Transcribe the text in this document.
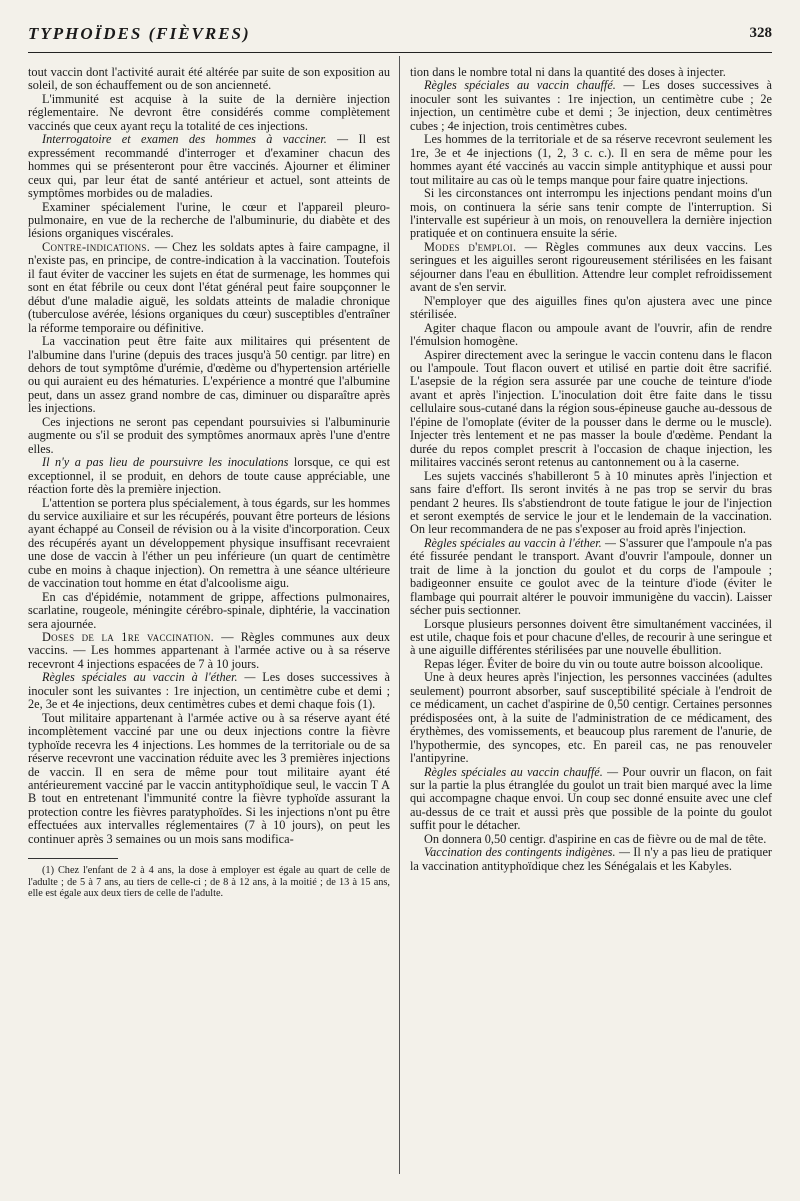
TYPHOÏDES (FIÈVRES)	328

tout vaccin dont l'activité aurait été altérée par suite de son exposition au soleil, de son échauffement ou de son ancienneté.

L'immunité est acquise à la suite de la dernière injection réglementaire. Ne devront être considérés comme complètement vaccinés que ceux ayant reçu la totalité de ces injections.

Interrogatoire et examen des hommes à vacciner. — Il est expressément recommandé d'interroger et d'examiner chacun des hommes qui se présenteront pour être vaccinés. Ajourner et éliminer ceux qui, par leur état de santé antérieur et actuel, sont atteints de symptômes morbides ou de maladies.

Examiner spécialement l'urine, le cœur et l'appareil pleuro-pulmonaire, en vue de la recherche de l'albuminurie, du diabète et des lésions organiques viscérales.

Contre-indications. — Chez les soldats aptes à faire campagne, il n'existe pas, en principe, de contre-indication à la vaccination. Toutefois il faut éviter de vacciner les sujets en état de surmenage, les hommes qui sont en état fébrile ou ceux dont l'état général peut faire soupçonner le début d'une maladie aiguë, les soldats atteints de maladie chronique (tuberculose avérée, lésions organiques du cœur) susceptibles d'entraîner la réforme temporaire ou définitive.

La vaccination peut être faite aux militaires qui présentent de l'albumine dans l'urine (depuis des traces jusqu'à 50 centigr. par litre) en dehors de tout symptôme d'urémie, d'œdème ou d'hypertension artérielle ou qui auraient eu des hématuries. L'expérience a montré que l'albumine peut, dans un assez grand nombre de cas, diminuer ou disparaître après les injections.

Ces injections ne seront pas cependant poursuivies si l'albuminurie augmente ou s'il se produit des symptômes anormaux après l'une d'entre elles.

Il n'y a pas lieu de poursuivre les inoculations lorsque, ce qui est exceptionnel, il se produit, en dehors de toute cause appréciable, une réaction forte dès la première injection.

L'attention se portera plus spécialement, à tous égards, sur les hommes du service auxiliaire et sur les récupérés, pouvant être porteurs de lésions ayant échappé au Conseil de révision ou à la visite d'incorporation. Ceux des récupérés ayant un développement physique insuffisant recevraient une dose de vaccin à l'éther un peu inférieure (un quart de centimètre cube en moins à chaque injection). On remettra à une séance ultérieure de vaccination tout homme en état d'alcoolisme aigu.

En cas d'épidémie, notamment de grippe, affections pulmonaires, scarlatine, rougeole, méningite cérébro-spinale, diphtérie, la vaccination sera ajournée.

Doses de la 1re vaccination. — Règles communes aux deux vaccins. — Les hommes appartenant à l'armée active ou à sa réserve recevront 4 injections espacées de 7 à 10 jours.

Règles spéciales au vaccin à l'éther. — Les doses successives à inoculer sont les suivantes : 1re injection, un centimètre cube et demi ; 2e, 3e et 4e injections, deux centimètres cubes et demi chaque fois (1).

Tout militaire appartenant à l'armée active ou à sa réserve ayant été incomplètement vacciné par une ou deux injections contre la fièvre typhoïde recevra les 4 injections. Les hommes de la territoriale ou de sa réserve recevront une vaccination réduite avec les 3 premières injections de vaccin. Il en sera de même pour tout militaire ayant été antérieurement vacciné par le vaccin antityphoïdique seul, le vaccin T A B tout en entretenant l'immunité contre la fièvre typhoïde assurant la protection contre les fièvres paratyphoïdes. Si les injections n'ont pu être effectuées aux intervalles réglementaires (7 à 10 jours), on peut les continuer après 3 semaines ou un mois sans modifica-

(1) Chez l'enfant de 2 à 4 ans, la dose à employer est égale au quart de celle de l'adulte ; de 5 à 7 ans, au tiers de celle-ci ; de 8 à 12 ans, à la moitié ; de 13 à 15 ans, elle est égale aux deux tiers de celle de l'adulte.

tion dans le nombre total ni dans la quantité des doses à injecter.

Règles spéciales au vaccin chauffé. — Les doses successives à inoculer sont les suivantes : 1re injection, un centimètre cube ; 2e injection, un centimètre cube et demi ; 3e injection, deux centimètres cubes ; 4e injection, trois centimètres cubes.

Les hommes de la territoriale et de sa réserve recevront seulement les 1re, 3e et 4e injections (1, 2, 3 c. c.). Il en sera de même pour les hommes ayant été vaccinés au vaccin simple antityphique et aussi pour tout militaire au cas où le temps manque pour faire quatre injections.

Si les circonstances ont interrompu les injections pendant moins d'un mois, on continuera la série sans tenir compte de l'interruption. Si l'intervalle est supérieur à un mois, on renouvellera la dernière injection pratiquée et on continuera ensuite la série.

Modes d'emploi. — Règles communes aux deux vaccins. Les seringues et les aiguilles seront rigoureusement stérilisées en les faisant séjourner dans l'eau en ébullition. Attendre leur complet refroidissement avant de s'en servir.

N'employer que des aiguilles fines qu'on ajustera avec une pince stérilisée.

Agiter chaque flacon ou ampoule avant de l'ouvrir, afin de rendre l'émulsion homogène.

Aspirer directement avec la seringue le vaccin contenu dans le flacon ou l'ampoule. Tout flacon ouvert et utilisé en partie doit être sacrifié. L'asepsie de la région sera assurée par une couche de teinture d'iode avant et après l'injection. L'inoculation doit être faite dans le tissu cellulaire sous-cutané dans la région sous-épineuse gauche au-dessous de l'épine de l'omoplate (éviter de la pousser dans le derme ou le muscle). Injecter très lentement et ne pas masser la boule d'œdème. Pendant la durée du repos complet prescrit à l'occasion de chaque injection, les militaires vaccinés seront retenus au cantonnement ou à la caserne.

Les sujets vaccinés s'habilleront 5 à 10 minutes après l'injection et sans faire d'effort. Ils seront invités à ne pas trop se servir du bras pendant 2 heures. Ils s'abstiendront de toute fatigue le jour de l'injection et seront exemptés de service le jour et le lendemain de la vaccination. On leur recommandera de ne pas s'exposer au froid après l'injection.

Règles spéciales au vaccin à l'éther. — S'assurer que l'ampoule n'a pas été fissurée pendant le transport. Avant d'ouvrir l'ampoule, donner un trait de lime à la jonction du goulot et du corps de l'ampoule ; badigeonner ensuite ce goulot avec de la teinture d'iode (éviter le flambage qui pourrait altérer le pouvoir immunigène du vaccin). Laisser sécher puis sectionner.

Lorsque plusieurs personnes doivent être simultanément vaccinées, il est utile, chaque fois et pour chacune d'elles, de recourir à une seringue et à une aiguille différentes stérilisées par une nouvelle ébullition.

Repas léger. Éviter de boire du vin ou toute autre boisson alcoolique.

Une à deux heures après l'injection, les personnes vaccinées (adultes seulement) pourront absorber, sauf susceptibilité spéciale à l'endroit de ce médicament, un cachet d'aspirine de 0,50 centigr. Certaines personnes prédisposées ont, à la suite de l'administration de ce médicament, des érythèmes, des vomissements, et beaucoup plus rarement de l'anurie, de l'hypothermie, des syncopes, etc. En pareil cas, ne pas renouveler l'antipyrine.

Règles spéciales au vaccin chauffé. — Pour ouvrir un flacon, on fait sur la partie la plus étranglée du goulot un trait bien marqué avec la lime qui accompagne chaque envoi. Un coup sec donné ensuite avec une clef au-dessus de ce trait et aussi près que possible de la pointe du goulot suffit pour le détacher.

On donnera 0,50 centigr. d'aspirine en cas de fièvre ou de mal de tête.

Vaccination des contingents indigènes. — Il n'y a pas lieu de pratiquer la vaccination antityphoïdique chez les Sénégalais et les Kabyles.
